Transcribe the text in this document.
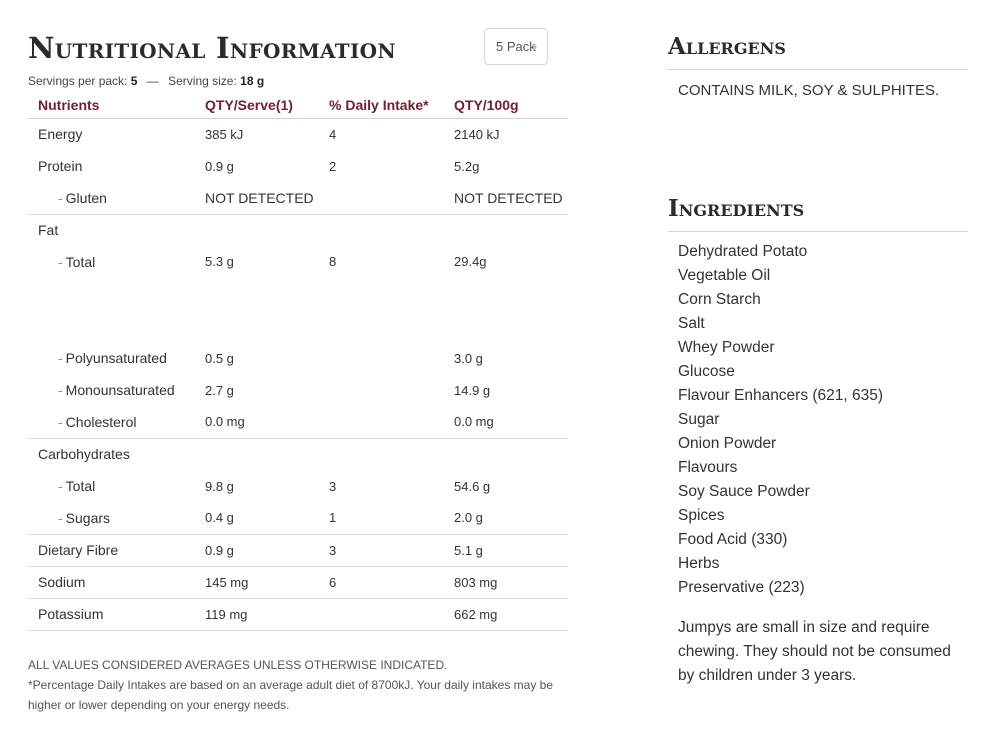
Nutritional Information	5 Pack
Servings per pack: 5 — Serving size: 18 g
Nutrients	QTY/Serve(1)	% Daily Intake*	QTY/100g
Energy	385 kJ	4	2140 kJ
Protein	0.9 g	2	5.2g
- Gluten	NOT DETECTED		NOT DETECTED
Fat			
- Total	5.3 g	8	29.4g
- Polyunsaturated	0.5 g		3.0 g
- Monounsaturated	2.7 g		14.9 g
- Cholesterol	0.0 mg		0.0 mg
Carbohydrates			
- Total	9.8 g	3	54.6 g
- Sugars	0.4 g	1	2.0 g
Dietary Fibre	0.9 g	3	5.1 g
Sodium	145 mg	6	803 mg
Potassium	119 mg		662 mg
ALL VALUES CONSIDERED AVERAGES UNLESS OTHERWISE INDICATED.
*Percentage Daily Intakes are based on an average adult diet of 8700kJ. Your daily intakes may be higher or lower depending on your energy needs.
Allergens
CONTAINS MILK, SOY & SULPHITES.
Ingredients
Dehydrated Potato
Vegetable Oil
Corn Starch
Salt
Whey Powder
Glucose
Flavour Enhancers (621, 635)
Sugar
Onion Powder
Flavours
Soy Sauce Powder
Spices
Food Acid (330)
Herbs
Preservative (223)

Jumpys are small in size and require chewing. They should not be consumed by children under 3 years.
